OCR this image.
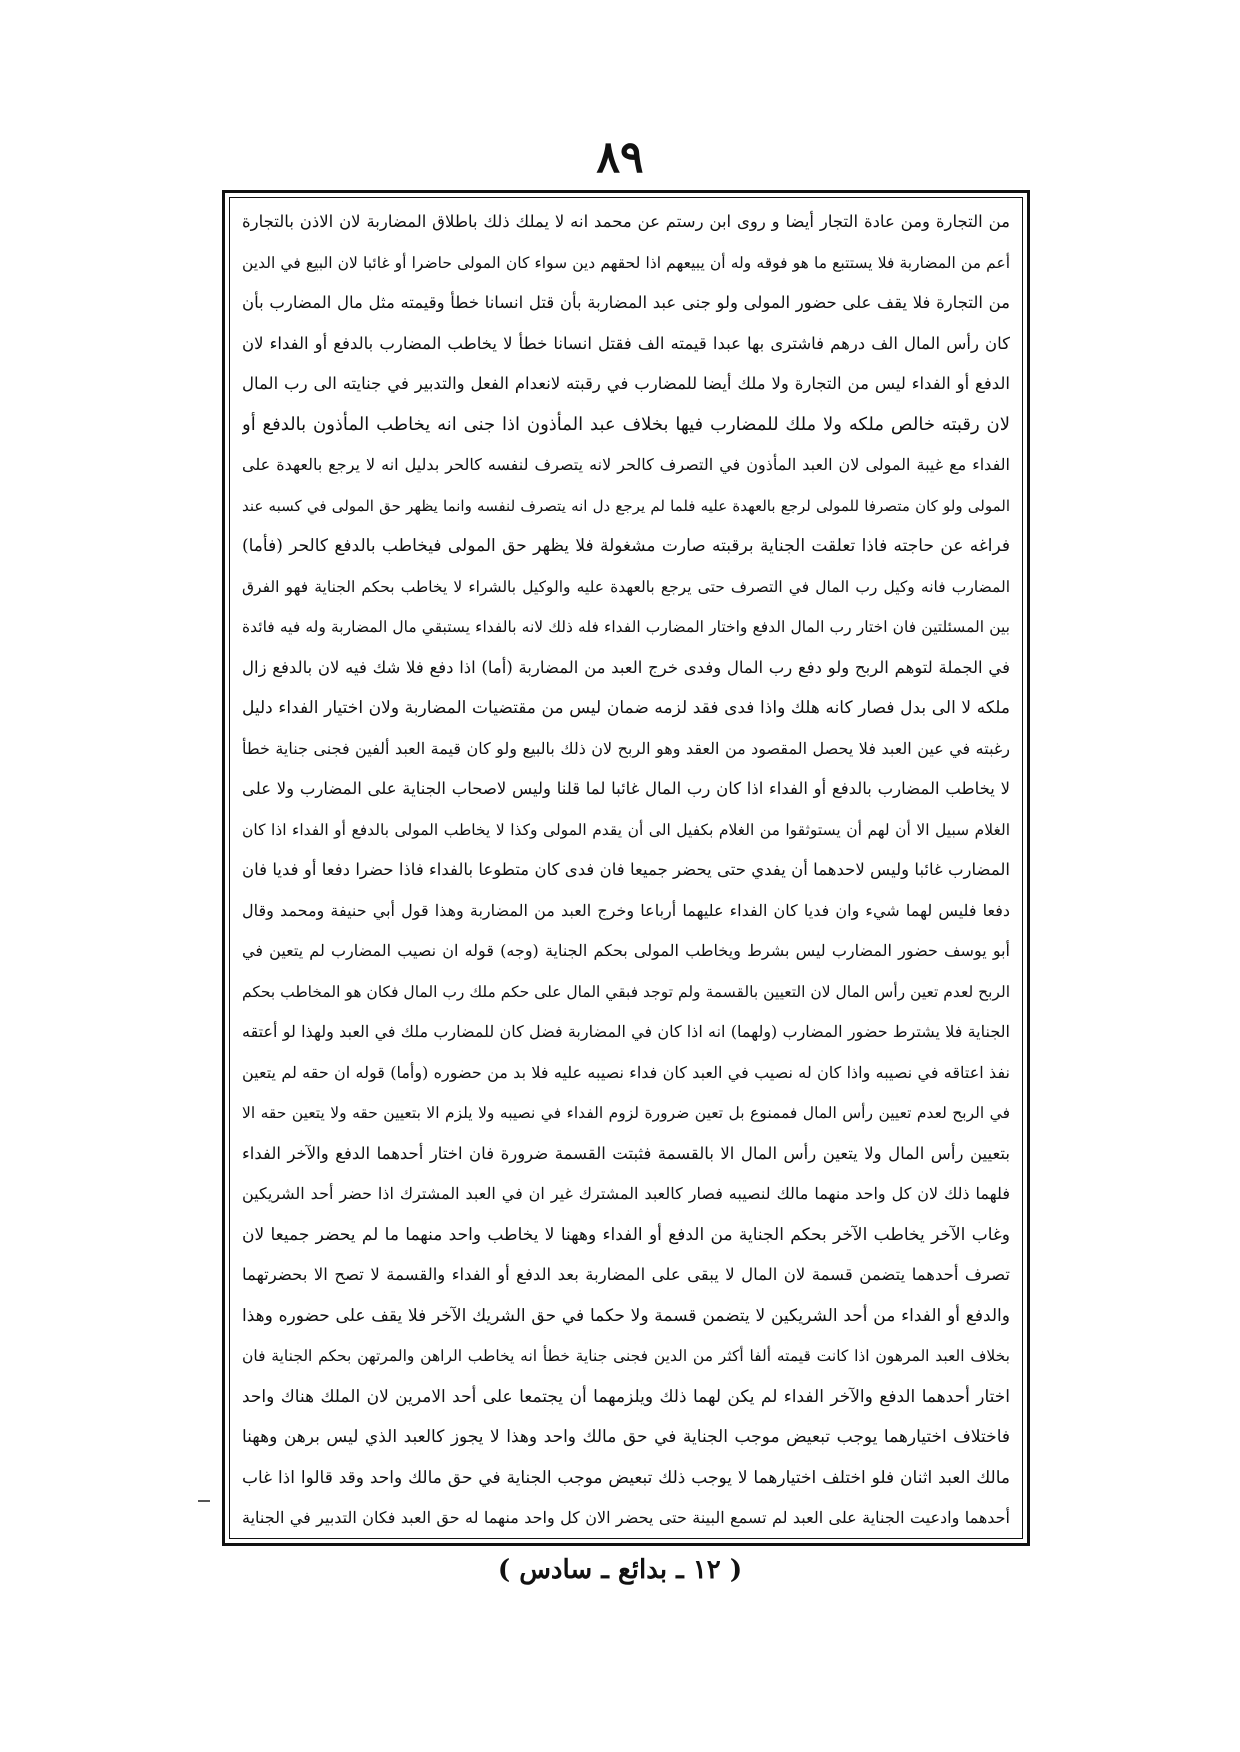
٨٩
من التجارة ومن عادة التجار أيضا و روى ابن رستم عن محمد انه لا يملك ذلك باطلاق المضاربة لان الاذن بالتجارة
أعم من المضاربة فلا يستتبع ما هو فوقه وله أن يبيعهم اذا لحقهم دين سواء كان المولى حاضرا أو غائبا لان البيع في الدين
من التجارة فلا يقف على حضور المولى ولو جنى عبد المضاربة بأن قتل انسانا خطأ وقيمته مثل مال المضارب بأن
كان رأس المال الف درهم فاشترى بها عبدا قيمته الف فقتل انسانا خطأ لا يخاطب المضارب بالدفع أو الفداء لان
الدفع أو الفداء ليس من التجارة ولا ملك أيضا للمضارب في رقبته لانعدام الفعل والتدبير في جنايته الى رب المال
لان رقبته خالص ملكه ولا ملك للمضارب فيها بخلاف عبد المأذون اذا جنى انه يخاطب المأذون بالدفع أو
الفداء مع غيبة المولى لان العبد المأذون في التصرف كالحر لانه يتصرف لنفسه كالحر بدليل انه لا يرجع بالعهدة على
المولى ولو كان متصرفا للمولى لرجع بالعهدة عليه فلما لم يرجع دل انه يتصرف لنفسه وانما يظهر حق المولى في كسبه عند
فراغه عن حاجته فاذا تعلقت الجناية برقبته صارت مشغولة فلا يظهر حق المولى فيخاطب بالدفع كالحر (فأما)
المضارب فانه وكيل رب المال في التصرف حتى يرجع بالعهدة عليه والوكيل بالشراء لا يخاطب بحكم الجناية فهو الفرق
بين المسئلتين فان اختار رب المال الدفع واختار المضارب الفداء فله ذلك لانه بالفداء يستبقي مال المضاربة وله فيه فائدة
في الجملة لتوهم الربح ولو دفع رب المال وفدى خرج العبد من المضاربة (أما) اذا دفع فلا شك فيه لان بالدفع زال
ملكه لا الى بدل فصار كانه هلك واذا فدى فقد لزمه ضمان ليس من مقتضيات المضاربة ولان اختيار الفداء دليل
رغبته في عين العبد فلا يحصل المقصود من العقد وهو الربح لان ذلك بالبيع ولو كان قيمة العبد ألفين فجنى جناية خطأ
لا يخاطب المضارب بالدفع أو الفداء اذا كان رب المال غائبا لما قلنا وليس لاصحاب الجناية على المضارب ولا على
الغلام سبيل الا أن لهم أن يستوثقوا من الغلام بكفيل الى أن يقدم المولى وكذا لا يخاطب المولى بالدفع أو الفداء اذا كان
المضارب غائبا وليس لاحدهما أن يفدي حتى يحضر جميعا فان فدى كان متطوعا بالفداء فاذا حضرا دفعا أو فديا فان
دفعا فليس لهما شيء وان فديا كان الفداء عليهما أرباعا وخرج العبد من المضاربة وهذا قول أبي حنيفة ومحمد وقال
أبو يوسف حضور المضارب ليس بشرط ويخاطب المولى بحكم الجناية (وجه) قوله ان نصيب المضارب لم يتعين في
الربح لعدم تعين رأس المال لان التعيين بالقسمة ولم توجد فبقي المال على حكم ملك رب المال فكان هو المخاطب بحكم
الجناية فلا يشترط حضور المضارب (ولهما) انه اذا كان في المضاربة فضل كان للمضارب ملك في العبد ولهذا لو أعتقه
نفذ اعتاقه في نصيبه واذا كان له نصيب في العبد كان فداء نصيبه عليه فلا بد من حضوره (وأما) قوله ان حقه لم يتعين
في الربح لعدم تعيين رأس المال فممنوع بل تعين ضرورة لزوم الفداء في نصيبه ولا يلزم الا بتعيين حقه ولا يتعين حقه الا
بتعيين رأس المال ولا يتعين رأس المال الا بالقسمة فثبتت القسمة ضرورة فان اختار أحدهما الدفع والآخر الفداء
فلهما ذلك لان كل واحد منهما مالك لنصيبه فصار كالعبد المشترك غير ان في العبد المشترك اذا حضر أحد الشريكين
وغاب الآخر يخاطب الآخر بحكم الجناية من الدفع أو الفداء وههنا لا يخاطب واحد منهما ما لم يحضر جميعا لان
تصرف أحدهما يتضمن قسمة لان المال لا يبقى على المضاربة بعد الدفع أو الفداء والقسمة لا تصح الا بحضرتهما
والدفع أو الفداء من أحد الشريكين لا يتضمن قسمة ولا حكما في حق الشريك الآخر فلا يقف على حضوره وهذا
بخلاف العبد المرهون اذا كانت قيمته ألفا أكثر من الدين فجنى جناية خطأ انه يخاطب الراهن والمرتهن بحكم الجناية فان
اختار أحدهما الدفع والآخر الفداء لم يكن لهما ذلك ويلزمهما أن يجتمعا على أحد الامرين لان الملك هناك واحد
فاختلاف اختيارهما يوجب تبعيض موجب الجناية في حق مالك واحد وهذا لا يجوز كالعبد الذي ليس برهن وههنا
مالك العبد اثنان فلو اختلف اختيارهما لا يوجب ذلك تبعيض موجب الجناية في حق مالك واحد وقد قالوا اذا غاب
أحدهما وادعيت الجناية على العبد لم تسمع البينة حتى يحضر الان كل واحد منهما له حق العبد فكان التدبير في الجناية
( ١٢ ـ بدائع ـ سادس )
